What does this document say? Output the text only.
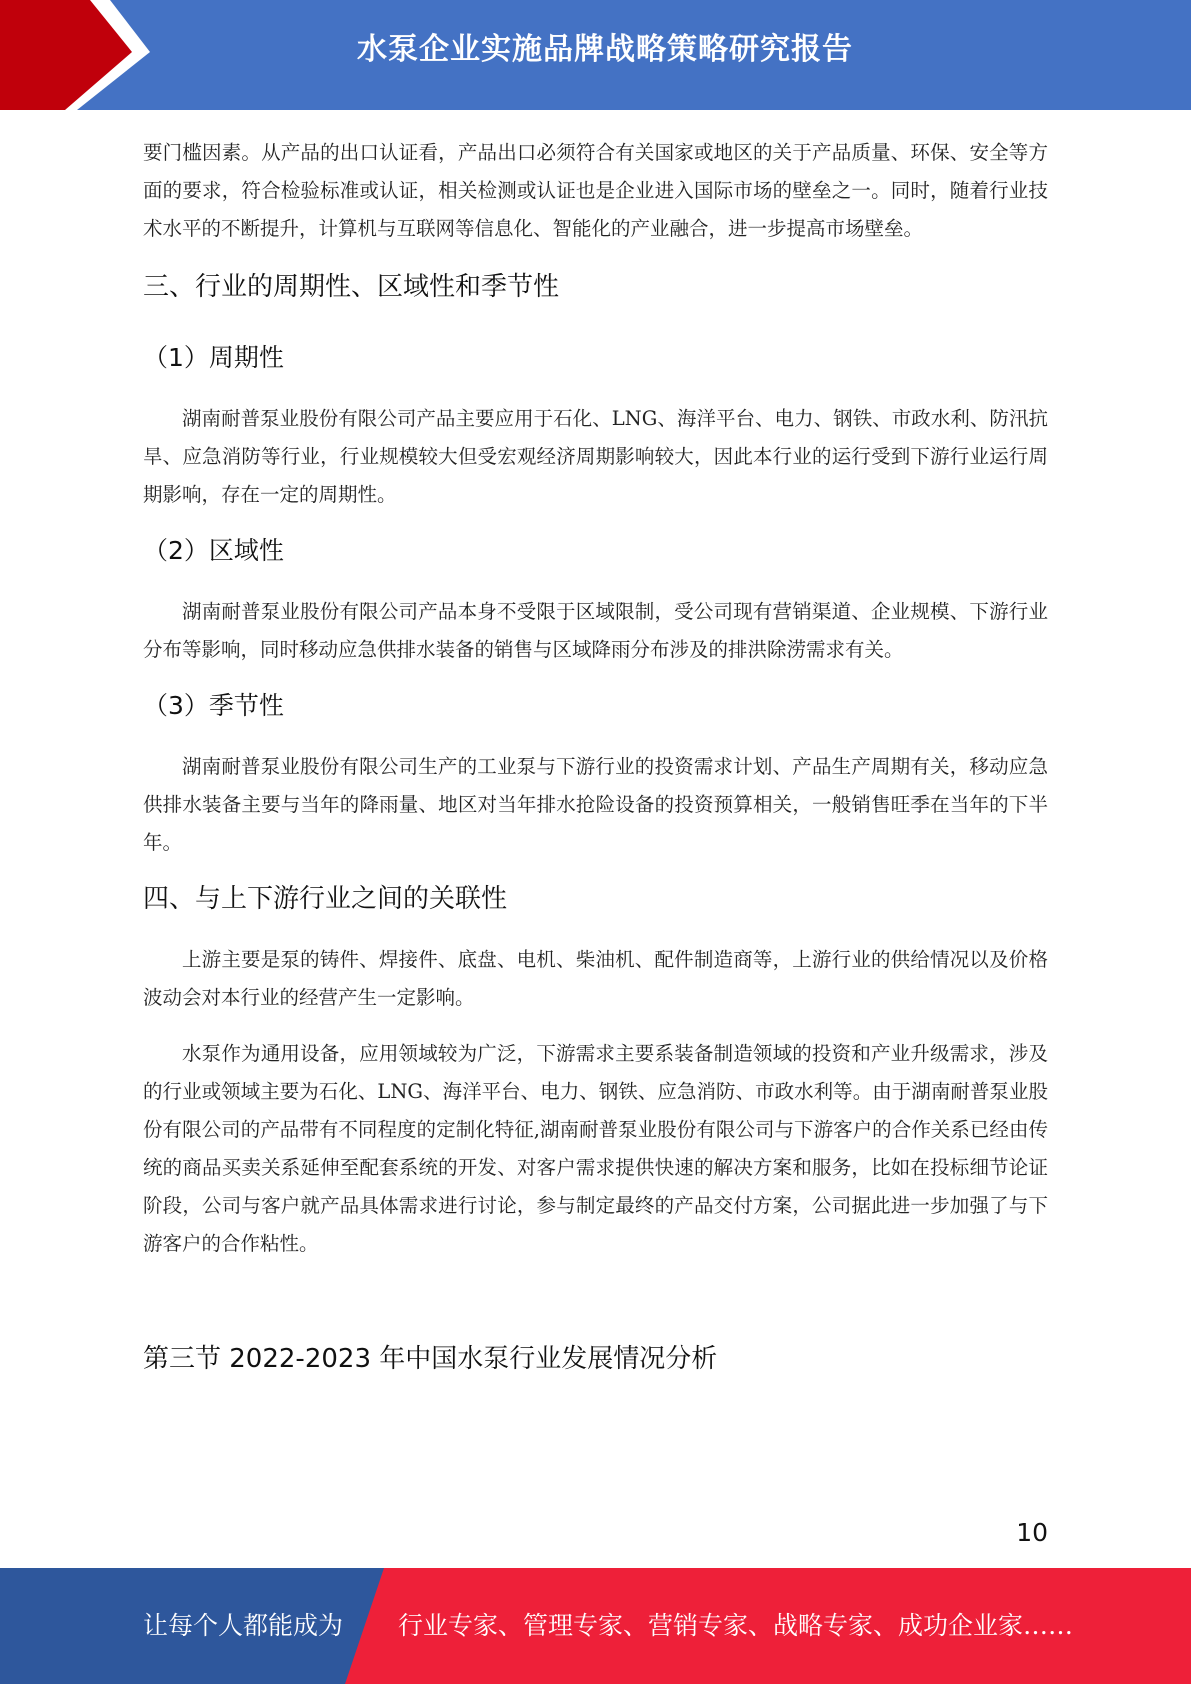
水泵企业实施品牌战略策略研究报告

要门槛因素。从产品的出口认证看，产品出口必须符合有关国家或地区的关于产品质量、环保、安全等方面的要求，符合检验标准或认证，相关检测或认证也是企业进入国际市场的壁垒之一。同时，随着行业技术水平的不断提升，计算机与互联网等信息化、智能化的产业融合，进一步提高市场壁垒。

三、行业的周期性、区域性和季节性
（1）周期性

湖南耐普泵业股份有限公司产品主要应用于石化、LNG、海洋平台、电力、钢铁、市政水利、防汛抗旱、应急消防等行业，行业规模较大但受宏观经济周期影响较大，因此本行业的运行受到下游行业运行周期影响，存在一定的周期性。

（2）区域性

湖南耐普泵业股份有限公司产品本身不受限于区域限制，受公司现有营销渠道、企业规模、下游行业分布等影响，同时移动应急供排水装备的销售与区域降雨分布涉及的排洪除涝需求有关。

（3）季节性

湖南耐普泵业股份有限公司生产的工业泵与下游行业的投资需求计划、产品生产周期有关，移动应急供排水装备主要与当年的降雨量、地区对当年排水抢险设备的投资预算相关，一般销售旺季在当年的下半年。

四、与上下游行业之间的关联性

上游主要是泵的铸件、焊接件、底盘、电机、柴油机、配件制造商等，上游行业的供给情况以及价格波动会对本行业的经营产生一定影响。

水泵作为通用设备，应用领域较为广泛，下游需求主要系装备制造领域的投资和产业升级需求，涉及的行业或领域主要为石化、LNG、海洋平台、电力、钢铁、应急消防、市政水利等。由于湖南耐普泵业股份有限公司的产品带有不同程度的定制化特征,湖南耐普泵业股份有限公司与下游客户的合作关系已经由传统的商品买卖关系延伸至配套系统的开发、对客户需求提供快速的解决方案和服务，比如在投标细节论证阶段，公司与客户就产品具体需求进行讨论，参与制定最终的产品交付方案，公司据此进一步加强了与下游客户的合作粘性。

第三节 2022-2023 年中国水泵行业发展情况分析
10
让每个人都能成为 行业专家、管理专家、营销专家、战略专家、成功企业家……
